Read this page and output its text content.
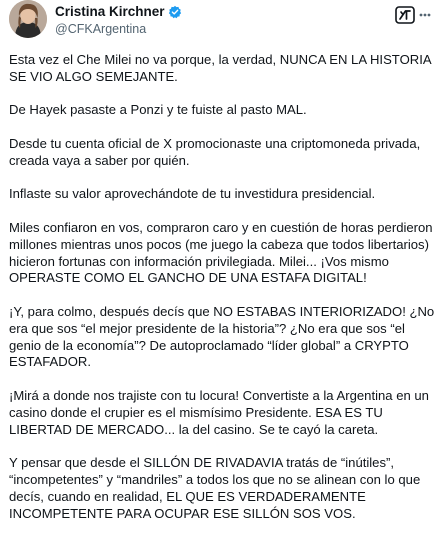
Cristina Kirchner
@CFKArgentina

Esta vez el Che Milei no va porque, la verdad, NUNCA EN LA HISTORIA
SE VIO ALGO SEMEJANTE.

De Hayek pasaste a Ponzi y te fuiste al pasto MAL.

Desde tu cuenta oficial de X promocionaste una criptomoneda privada,
creada vaya a saber por quién.

Inflaste su valor aprovechándote de tu investidura presidencial.

Miles confiaron en vos, compraron caro y en cuestión de horas perdieron
millones mientras unos pocos (me juego la cabeza que todos libertarios)
hicieron fortunas con información privilegiada. Milei... ¡Vos mismo
OPERASTE COMO EL GANCHO DE UNA ESTAFA DIGITAL!

¡Y, para colmo, después decís que NO ESTABAS INTERIORIZADO! ¿No
era que sos “el mejor presidente de la historia”? ¿No era que sos “el
genio de la economía”? De autoproclamado “líder global” a CRYPTO
ESTAFADOR.

¡Mirá a donde nos trajiste con tu locura! Convertiste a la Argentina en un
casino donde el crupier es el mismísimo Presidente. ESA ES TU
LIBERTAD DE MERCADO... la del casino. Se te cayó la careta.

Y pensar que desde el SILLÓN DE RIVADAVIA tratás de “inútiles”,
“incompetentes” y “mandriles” a todos los que no se alinean con lo que
decís, cuando en realidad, EL QUE ES VERDADERAMENTE
INCOMPETENTE PARA OCUPAR ESE SILLÓN SOS VOS.
